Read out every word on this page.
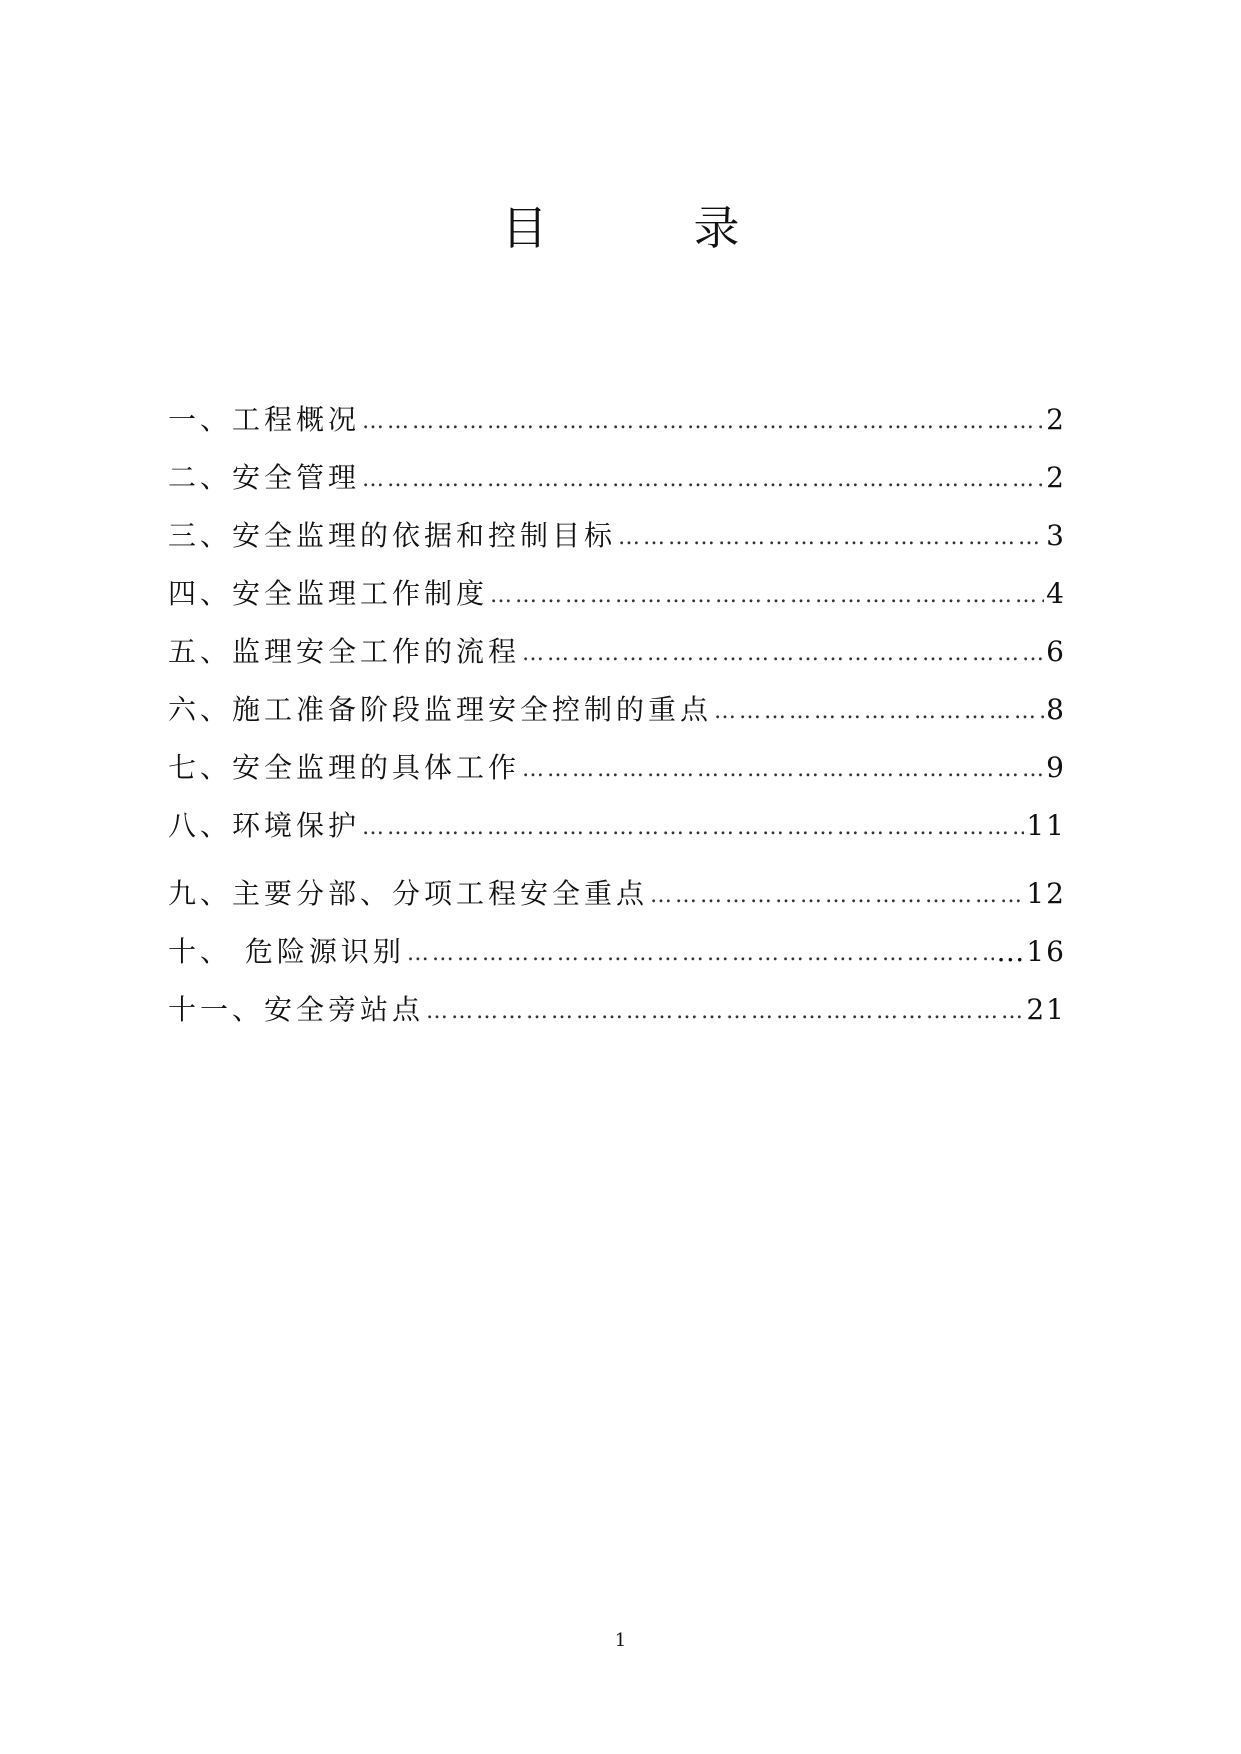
目　录
一、工程概况 …………………………………………………………………………………………………………………………………………	2
二、安全管理 …………………………………………………………………………………………………………………………………………	2
三、安全监理的依据和控制目标 …………………………………………………………………………………………………………………………………………	3
四、安全监理工作制度 …………………………………………………………………………………………………………………………………………	4
五、监理安全工作的流程 …………………………………………………………………………………………………………………………………………	6
六、施工准备阶段监理安全控制的重点 …………………………………………………………………………………………………………………………………………	8
七、安全监理的具体工作 …………………………………………………………………………………………………………………………………………	9
八、环境保护 …………………………………………………………………………………………………………………………………………	11
九、主要分部、分项工程安全重点 …………………………………………………………………………………………………………………………………………	12
十、 危险源识别 …………………………………………………………………………………………………………………………………………	…16
十一、安全旁站点 …………………………………………………………………………………………………………………………………………	21
1
